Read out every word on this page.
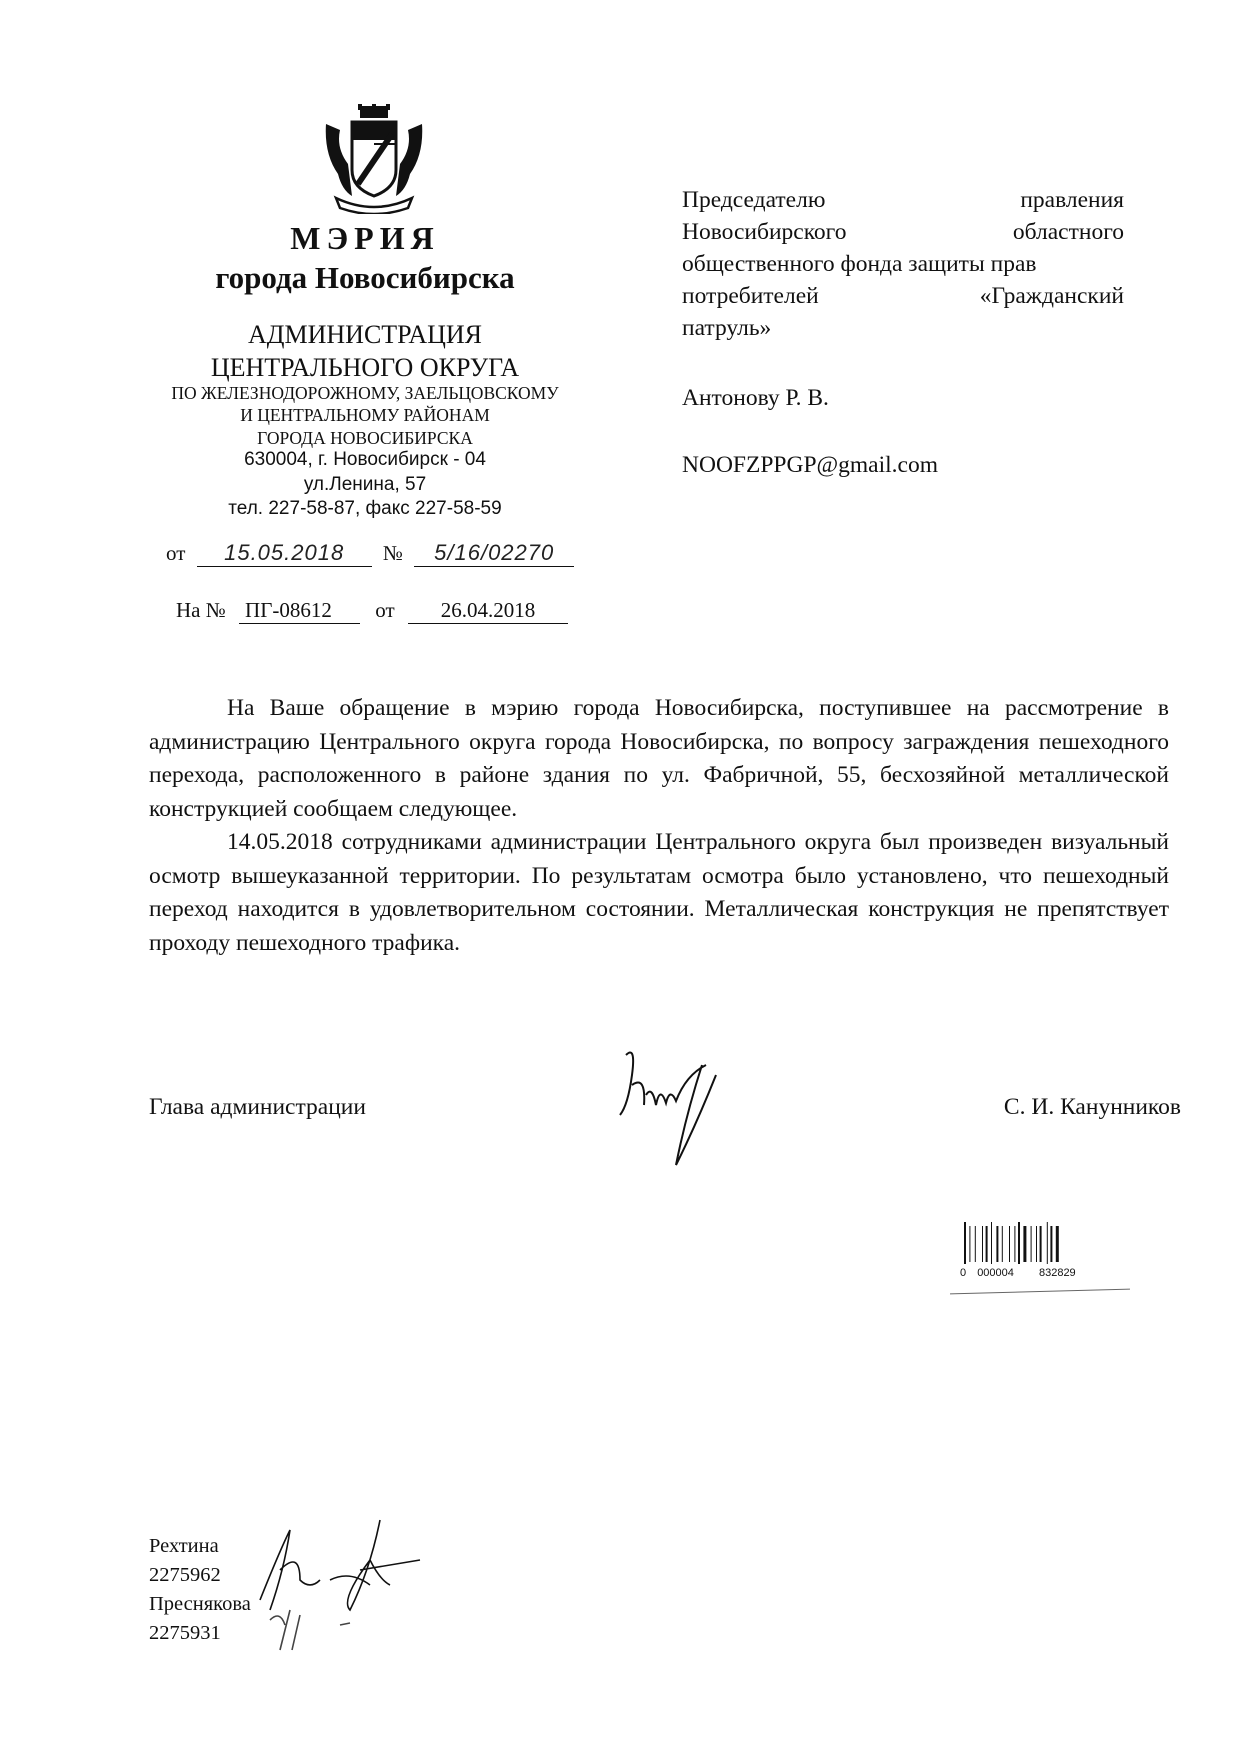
МЭРИЯ
города Новосибирска
АДМИНИСТРАЦИЯ
ЦЕНТРАЛЬНОГО ОКРУГА
ПО ЖЕЛЕЗНОДОРОЖНОМУ, ЗАЕЛЬЦОВСКОМУ
И ЦЕНТРАЛЬНОМУ РАЙОНАМ
ГОРОДА НОВОСИБИРСКА
630004, г. Новосибирск - 04
ул.Ленина, 57
тел. 227-58-87, факс 227-58-59
от 15.05.2018 № 5/16/02270
На № ПГ-08612 от 26.04.2018
Председателю	правления
Новосибирского	областного
общественного фонда защиты прав
потребителей	«Гражданский
патруль»
Антонову Р. В.
NOOFZPPGP@gmail.com

На Ваше обращение в мэрию города Новосибирска, поступившее на рассмотрение в администрацию Центрального округа города Новосибирска, по вопросу заграждения пешеходного перехода, расположенного в районе здания по ул. Фабричной, 55, бесхозяйной металлической конструкцией сообщаем следующее.

14.05.2018 сотрудниками администрации Центрального округа был произведен визуальный осмотр вышеуказанной территории. По результатам осмотра было установлено, что пешеходный переход находится в удовлетворительном состоянии. Металлическая конструкция не препятствует проходу пешеходного трафика.

Глава администрации	С. И. Канунников
Рехтина
2275962
Преснякова
2275931
0 000004 832829
